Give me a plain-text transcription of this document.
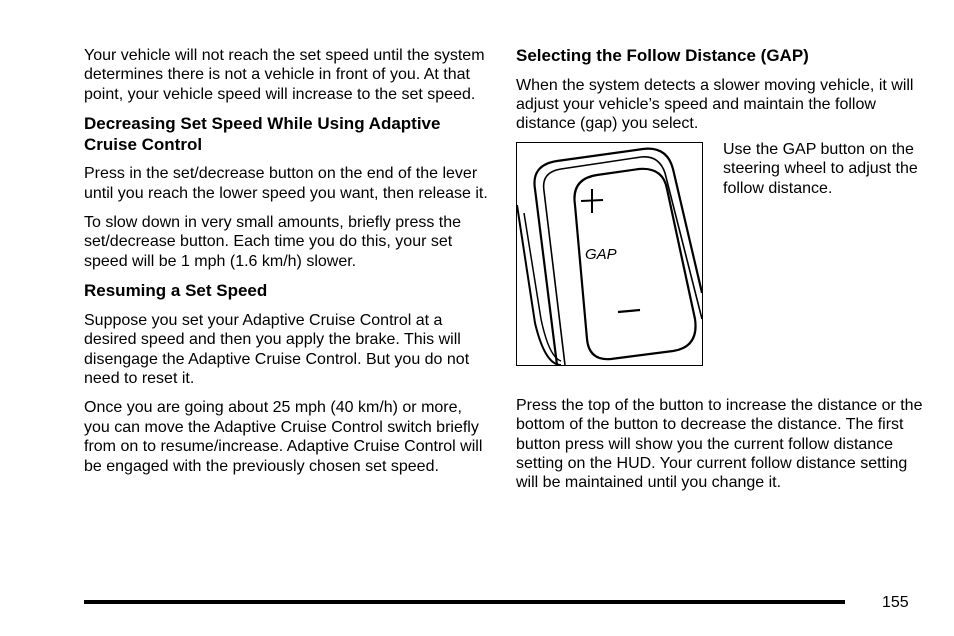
Your vehicle will not reach the set speed until the system determines there is not a vehicle in front of you. At that point, your vehicle speed will increase to the set speed.

Decreasing Set Speed While Using Adaptive Cruise Control

Press in the set/decrease button on the end of the lever until you reach the lower speed you want, then release it.

To slow down in very small amounts, briefly press the set/decrease button. Each time you do this, your set speed will be 1 mph (1.6 km/h) slower.

Resuming a Set Speed

Suppose you set your Adaptive Cruise Control at a desired speed and then you apply the brake. This will disengage the Adaptive Cruise Control. But you do not need to reset it.

Once you are going about 25 mph (40 km/h) or more, you can move the Adaptive Cruise Control switch briefly from on to resume/increase. Adaptive Cruise Control will be engaged with the previously chosen set speed.

Selecting the Follow Distance (GAP)

When the system detects a slower moving vehicle, it will adjust your vehicle’s speed and maintain the follow distance (gap) you select.

GAP

Use the GAP button on the steering wheel to adjust the follow distance.

Press the top of the button to increase the distance or the bottom of the button to decrease the distance. The first button press will show you the current follow distance setting on the HUD. Your current follow distance setting will be maintained until you change it.

155
